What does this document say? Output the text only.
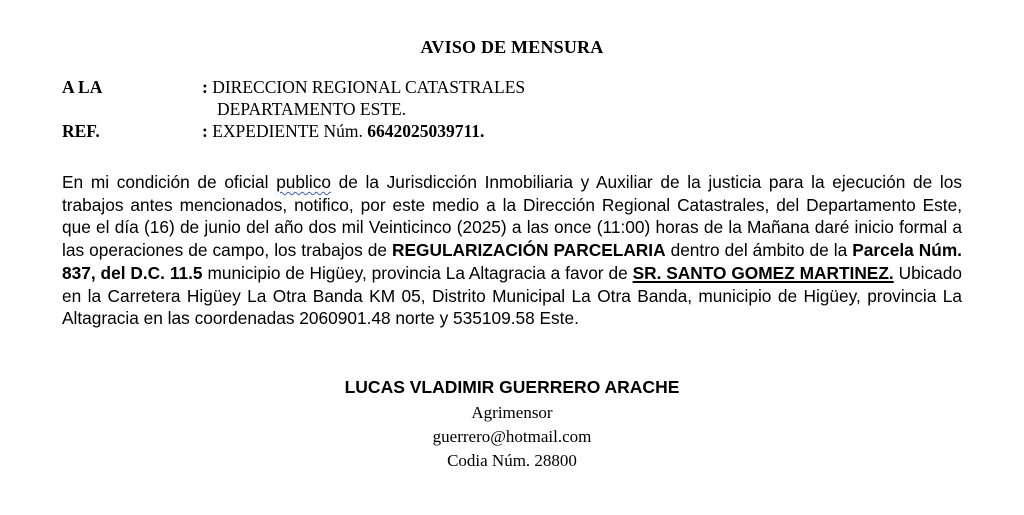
AVISO DE MENSURA
A LA	: DIRECCION REGIONAL CATASTRALES
DEPARTAMENTO ESTE.
REF.	: EXPEDIENTE Núm. 6642025039711.
En mi condición de oficial publico de la Jurisdicción Inmobiliaria y Auxiliar de la justicia para la ejecución de los trabajos antes mencionados, notifico, por este medio a la Dirección Regional Catastrales, del Departamento Este, que el día (16) de junio del año dos mil Veinticinco (2025) a las once (11:00) horas de la Mañana daré inicio formal a las operaciones de campo, los trabajos de REGULARIZACIÓN PARCELARIA dentro del ámbito de la Parcela Núm. 837, del D.C. 11.5 municipio de Higüey, provincia La Altagracia a favor de SR. SANTO GOMEZ MARTINEZ. Ubicado en la Carretera Higüey La Otra Banda KM 05, Distrito Municipal La Otra Banda, municipio de Higüey, provincia La Altagracia en las coordenadas 2060901.48 norte y 535109.58 Este.
LUCAS VLADIMIR GUERRERO ARACHE
Agrimensor
guerrero@hotmail.com
Codia Núm. 28800
